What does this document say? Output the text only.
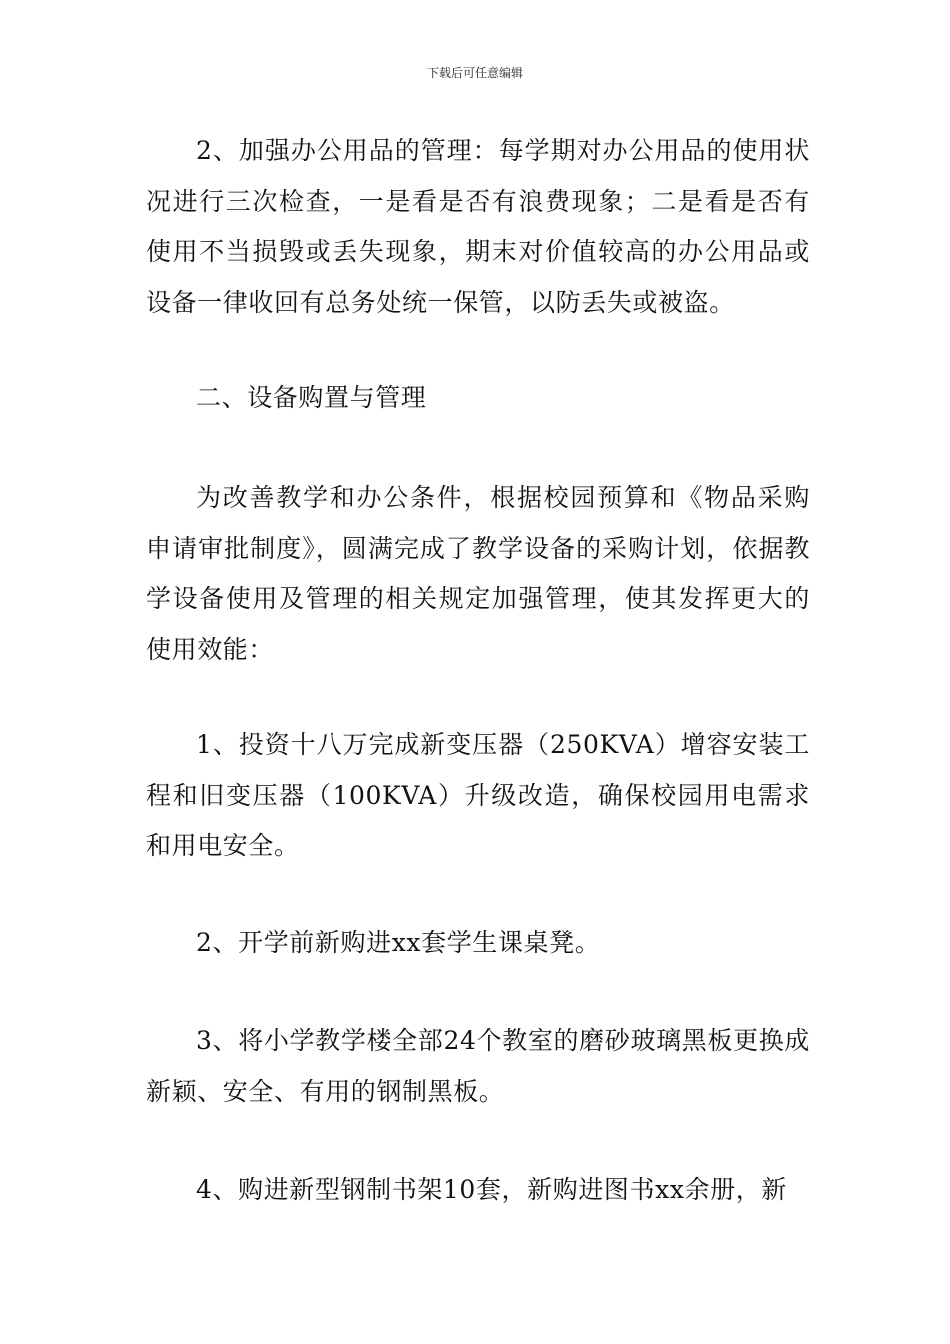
下载后可任意编辑

2、加强办公用品的管理：每学期对办公用品的使用状况进行三次检查，一是看是否有浪费现象；二是看是否有使用不当损毁或丢失现象，期末对价值较高的办公用品或设备一律收回有总务处统一保管，以防丢失或被盗。

二、设备购置与管理

为改善教学和办公条件，根据校园预算和《物品采购申请审批制度》，圆满完成了教学设备的采购计划，依据教学设备使用及管理的相关规定加强管理，使其发挥更大的使用效能：

1、投资十八万完成新变压器（250KVA）增容安装工程和旧变压器（100KVA）升级改造，确保校园用电需求和用电安全。

2、开学前新购进xx套学生课桌凳。

3、将小学教学楼全部24个教室的磨砂玻璃黑板更换成新颖、安全、有用的钢制黑板。

4、购进新型钢制书架10套，新购进图书xx余册，新
